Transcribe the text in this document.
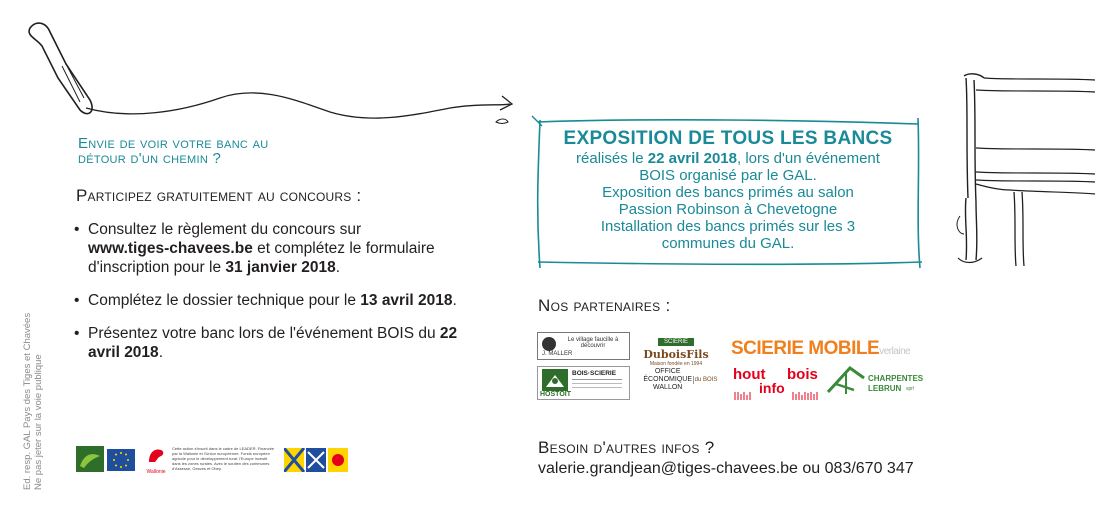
Ed. resp. GAL Pays des Tiges et Chavées Ne pas jeter sur la voie publique
Envie de voir votre banc au
détour d'un chemin ?
Participez gratuitement au concours :
• Consultez le règlement du concours sur
www.tiges-chavees.be et complétez le formulaire d'inscription pour le 31 janvier 2018.
• Complétez le dossier technique pour le 13 avril 2018.
• Présentez votre banc lors de l'événement BOIS du 22 avril 2018.
EXPOSITION DE TOUS LES BANCS
réalisés le 22 avril 2018, lors d'un événement
BOIS organisé par le GAL.
Exposition des bancs primés au salon
Passion Robinson à Chevetogne
Installation des bancs primés sur les 3
communes du GAL.
Nos partenaires :
Le village faucille à découvrir
J. MALLER
SCIERIE
DuboisFils
Maison fondée en 1994
SCIERIE MOBILEverlaine
HOSTOIT
BOIS·SCIERIE	OFFICE
ÉCONOMIQUE
WALLON
du BOIS hout bois
info
CHARPENTES
LEBRUN sprl
Wallonie
Cette action s'inscrit dans le cadre de LEADER. Financée par la Wallonie et l'Union européenne. Fonds européen agricole pour le développement rural: l'Europe investit dans les zones rurales. Avec le soutien des communes d'Assesse, Gesves et Ohey.
Besoin d'autres infos ?
valerie.grandjean@tiges-chavees.be ou 083/670 347
